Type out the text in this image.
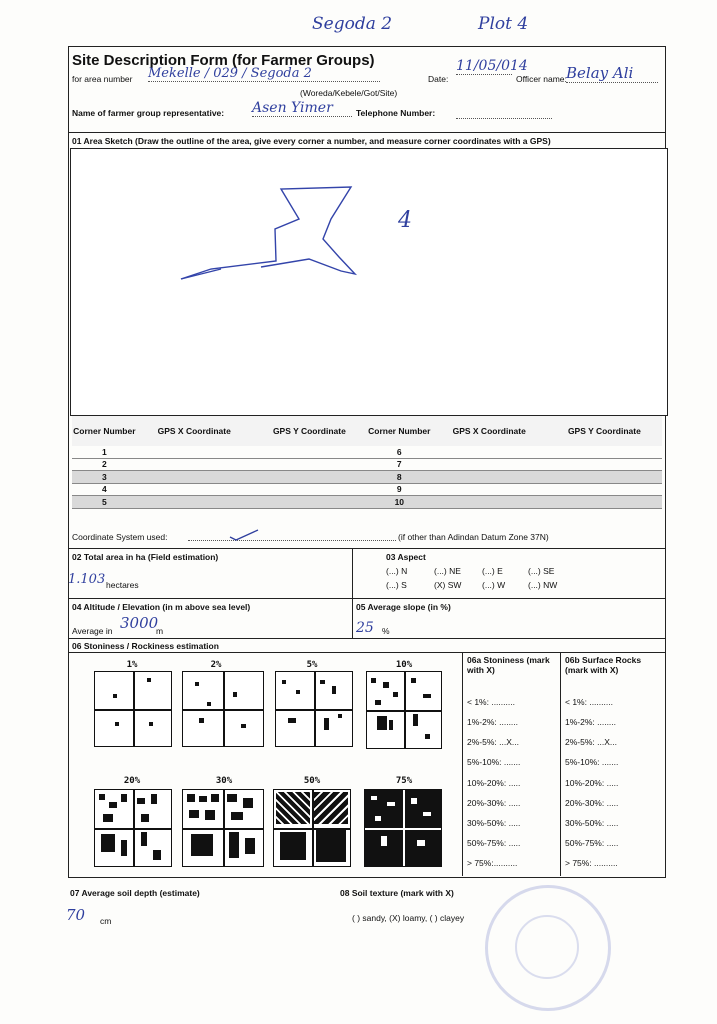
Segoda 2	Plot 4
Site Description Form (for Farmer Groups)
for area number Mekelle / 029 / Segoda 2
(Woreda/Kebele/Got/Site)
Date:
11/05/014
Officer name: Belay Ali
Name of farmer group representative: Asen Yimer	Telephone Number:
01 Area Sketch (Draw the outline of the area, give every corner a number, and measure corner coordinates with a GPS)
4
Corner Number	GPS X Coordinate	GPS Y Coordinate	Corner Number	GPS X Coordinate	GPS Y Coordinate
1			6		
2			7		
3			8		
4			9		
5			10		
Coordinate System used:	(if other than Adindan Datum Zone 37N)
02 Total area in ha (Field estimation)
1.103 hectares
03 Aspect
(...) N	(...) NE (...) E	(...) SE
(...) S	(X) SW (...) W	(...) NW
04 Altitude / Elevation (in m above sea level)
Average in 3000
m
05 Average slope (in %)
25 %
06 Stoniness / Rockiness estimation
1%	2%	5%	10%
20%	30%	50%	75%
06a Stoniness (mark with X)
06b Surface Rocks (mark with X)
< 1%: ..........
1%-2%: ........
2%-5%: ...X...
5%-10%: .......
10%-20%: .....
20%-30%: .....
30%-50%: .....
50%-75%: .....
> 75%:..........
< 1%: ..........
1%-2%: ........
2%-5%: ...X...
5%-10%: .......
10%-20%: .....
20%-30%: .....
30%-50%: .....
50%-75%: .....
> 75%: ..........
07 Average soil depth (estimate)
70 cm
08 Soil texture (mark with X)
( ) sandy, (X) loamy, ( ) clayey
